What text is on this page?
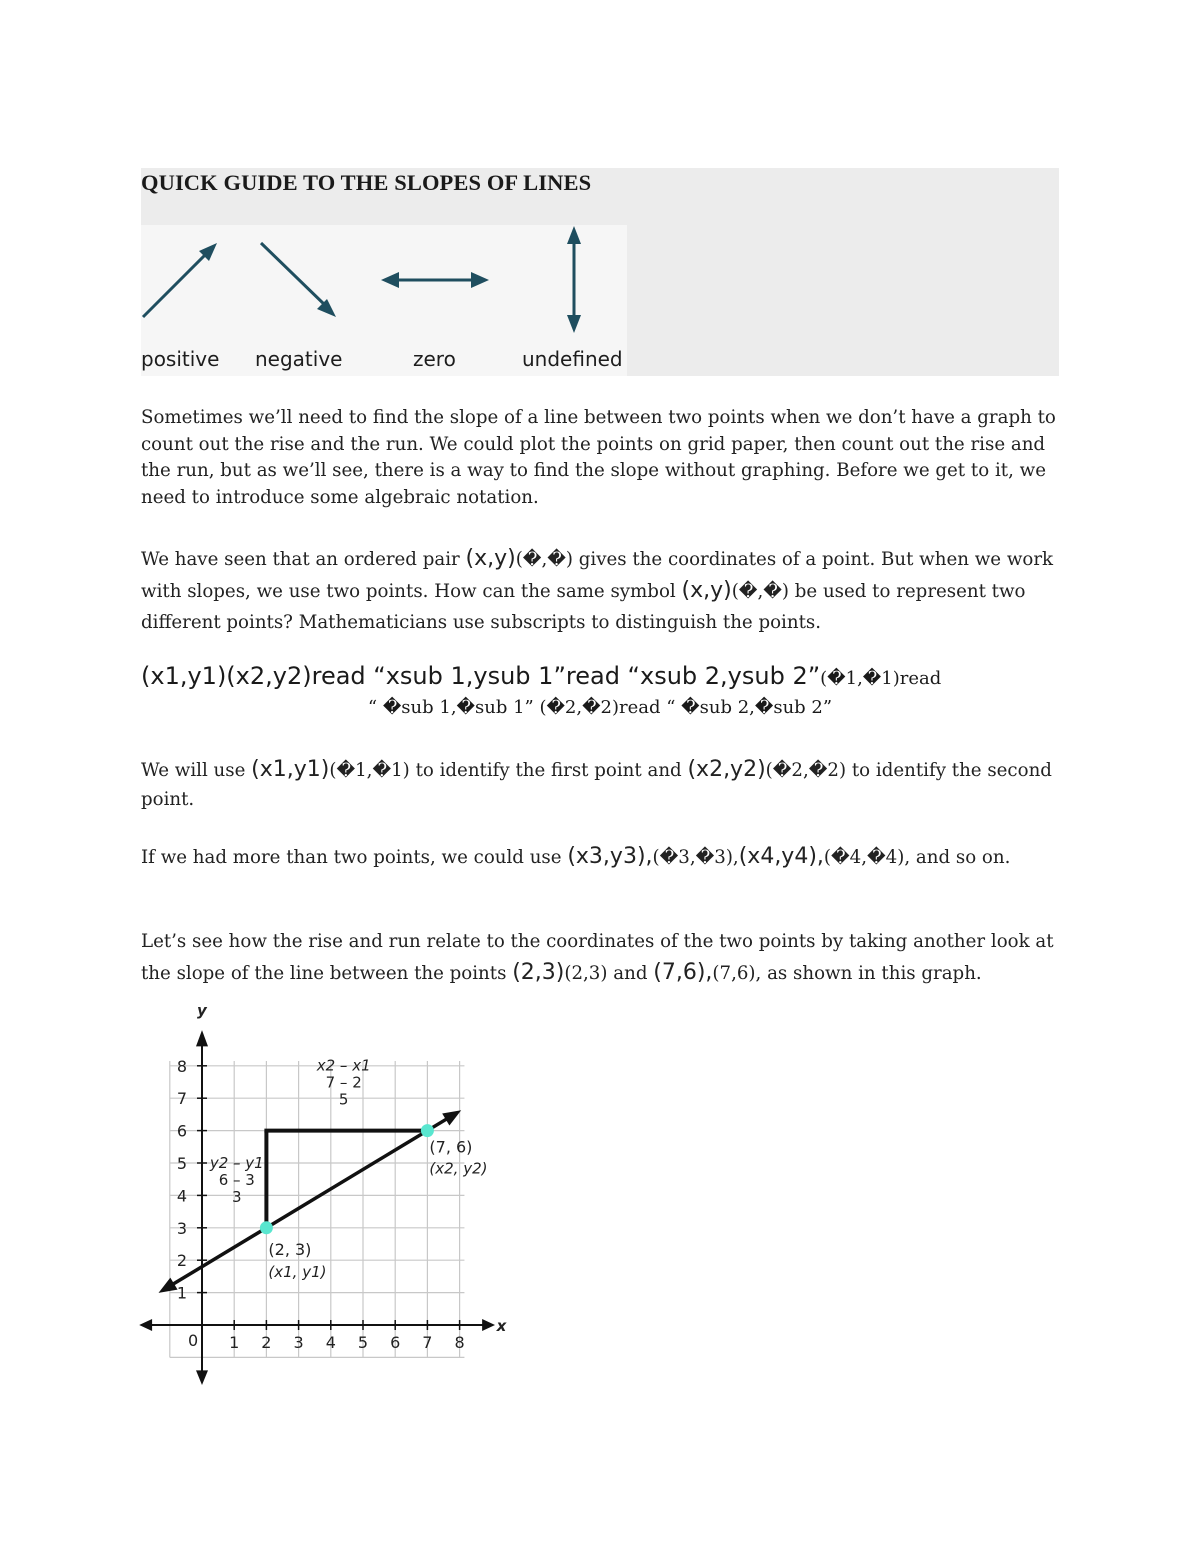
QUICK GUIDE TO THE SLOPES OF LINES
positive negative	zero	undefined

Sometimes we’ll need to find the slope of a line between two points when we don’t have a graph to count out the rise and the run. We could plot the points on grid paper, then count out the rise and the run, but as we’ll see, there is a way to find the slope without graphing. Before we get to it, we need to introduce some algebraic notation.

We have seen that an ordered pair (x,y)(�,�) gives the coordinates of a point. But when we work with slopes, we use two points. How can the same symbol (x,y)(�,�) be used to represent two different points? Mathematicians use subscripts to distinguish the points.

(x1,y1)(x2,y2)read “xsub 1,ysub 1”read “xsub 2,ysub 2”(�1,�1)read
“ �sub 1,�sub 1” (�2,�2)read “ �sub 2,�sub 2”

We will use (x1,y1)(�1,�1) to identify the first point and (x2,y2)(�2,�2) to identify the second point.

If we had more than two points, we could use (x3,y3),(�3,�3),(x4,y4),(�4,�4), and so on.

Let’s see how the rise and run relate to the coordinates of the two points by taking another look at the slope of the line between the points (2,3)(2,3) and (7,6),(7,6), as shown in this graph.

x
y
0 1 2 3 4 5 6 7 8
1
2
3
4
5
6
7
8
(2, 3)
(x1, y1)
(7, 6)
(x2, y2)
y2 – y1
6 – 3
3
x2 – x1
7 – 2
5
